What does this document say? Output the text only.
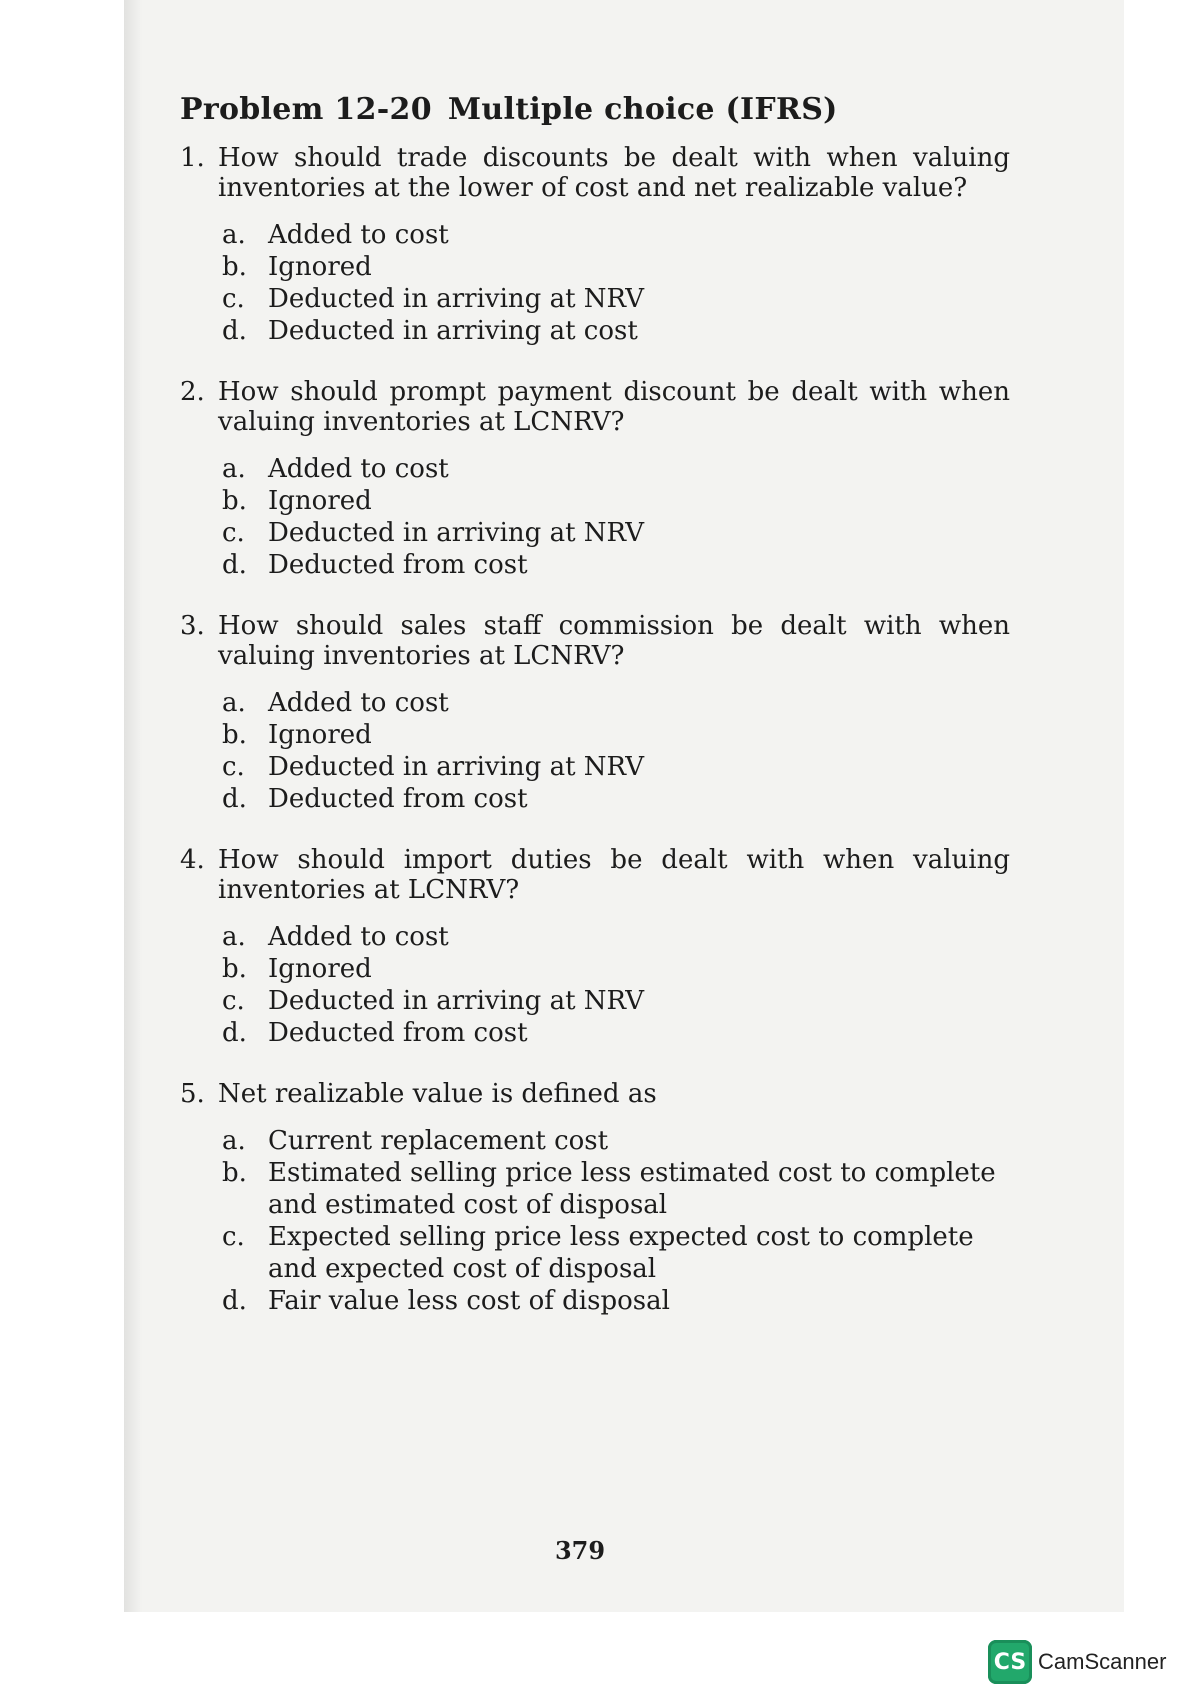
Problem 12-20 Multiple choice (IFRS)
1. How should trade discounts be dealt with when valuing inventories at the lower of cost and net realizable value?
a. Added to cost
b. Ignored
c. Deducted in arriving at NRV
d. Deducted in arriving at cost
2. How should prompt payment discount be dealt with when valuing inventories at LCNRV?
a. Added to cost
b. Ignored
c. Deducted in arriving at NRV
d. Deducted from cost
3. How should sales staff commission be dealt with when valuing inventories at LCNRV?
a. Added to cost
b. Ignored
c. Deducted in arriving at NRV
d. Deducted from cost
4. How should import duties be dealt with when valuing inventories at LCNRV?
a. Added to cost
b. Ignored
c. Deducted in arriving at NRV
d. Deducted from cost
5. Net realizable value is defined as
a. Current replacement cost
b. Estimated selling price less estimated cost to complete and estimated cost of disposal
c. Expected selling price less expected cost to complete and expected cost of disposal
d. Fair value less cost of disposal
379
CS CamScanner
